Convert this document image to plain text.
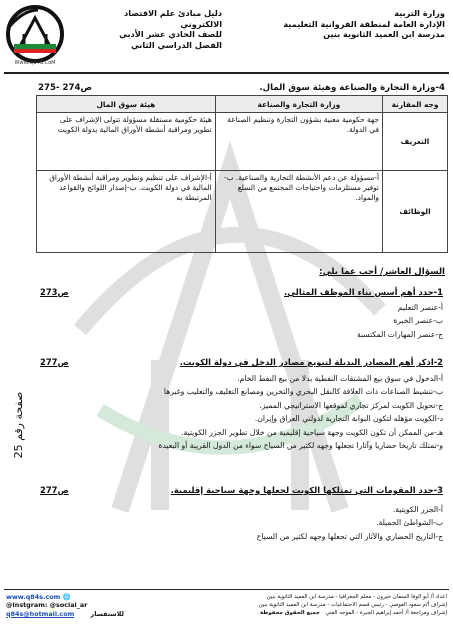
WwW.Q84S.CoM
وزارة التربية
الإدارة العامة لمنطقة الفروانية التعليمية
مدرسة ابن العميد الثانوية بنين
دليل مبادئ علم الاقتصاد الالكتروني
للصف الحادي عشر الأدبي
الفصل الدراسي الثاني
4-وزارة التجارة والصناعة وهيئة سوق المال.
ص274 -275
وجه المقارنة	وزارة التجارة والصناعة	هيئة سوق المال
التعريف	جهة حكومية معنية بشؤون التجارة وتنظيم الصناعة في الدولة.	هيئة حكومية مستقلة مسؤولة تتولى الإشراف على تطوير ومراقبة أنشطة الأوراق المالية بدولة الكويت
الوظائف	أ-مسؤولة عن دعم الأنشطة التجارية والصناعية. ب-توفير مستلزمات واحتياجات المجتمع من السلع والمواد.	أ-الإشراف على تنظيم وتطوير ومراقبة أنشطة الأوراق المالية في دولة الكويت. ب-إصدار اللوائح والقواعد المرتبطة به
السؤال العاشر/ أجب عما يلي:
1-حدد أهم أسس بناء الموظف المثالي.
ص273
أ-عنصر التعليم
ب-عنصر الخبرة
ج-عنصر المهارات المكتسبة
2-اذكر أهم المصادر البديلة لتنويع مصادر الدخل في دولة الكويت.
ص277
أ-الدخول في سوق بيع المشتقات النفطية بدلا من بيع النفط الخام.
ب-تنشيط الصناعات ذات العلاقة كالنقل البحري والتخزين ومصانع التغليف والتعليب وغيرها
ج-تحويل الكويت لمركز تجاري لموقعها الاستراتيجي المميز.
د-الكويت مؤهله لتكون البوابة التجارية لدولتي العراق وإيران.
هـ-من الممكن أن تكون الكويت وجهة سياحية إقليمية من خلال تطوير الجزر الكويتية.
و-تمتلك تاريخا حضاريا وآثارا تجعلها وجهه لكثير من السياح سواء من الدول القريبة أو البعيدة
3-حدد المقومات التي تمتلكها الكويت لجعلها وجهة سياحية إقليمية.
ص277
أ-الجزر الكويتية.
ب-الشواطئ الجميلة.
ج-التاريخ الحضاري والآثار التي تجعلها وجهه لكثير من السياح
صفحة رقم 25
اعداد أ/ أبو الوفا السمان خيرون - معلم الجغرافيا - مدرسة ابن العميد الثانوية بنين
إشراف أ/م سعود العوضي - رئيس قسم الاجتماعيات - مدرسة ابن العميد الثانوية بنين
إشراف ومراجعة أ/ أحمد إبراهيم الجبرة - الموجه الفني جميع الحقوق محفوظة
www.q84s.com 🌐
@Instgram: @social_ar
q84s@hotmail.com	للاستفسار
